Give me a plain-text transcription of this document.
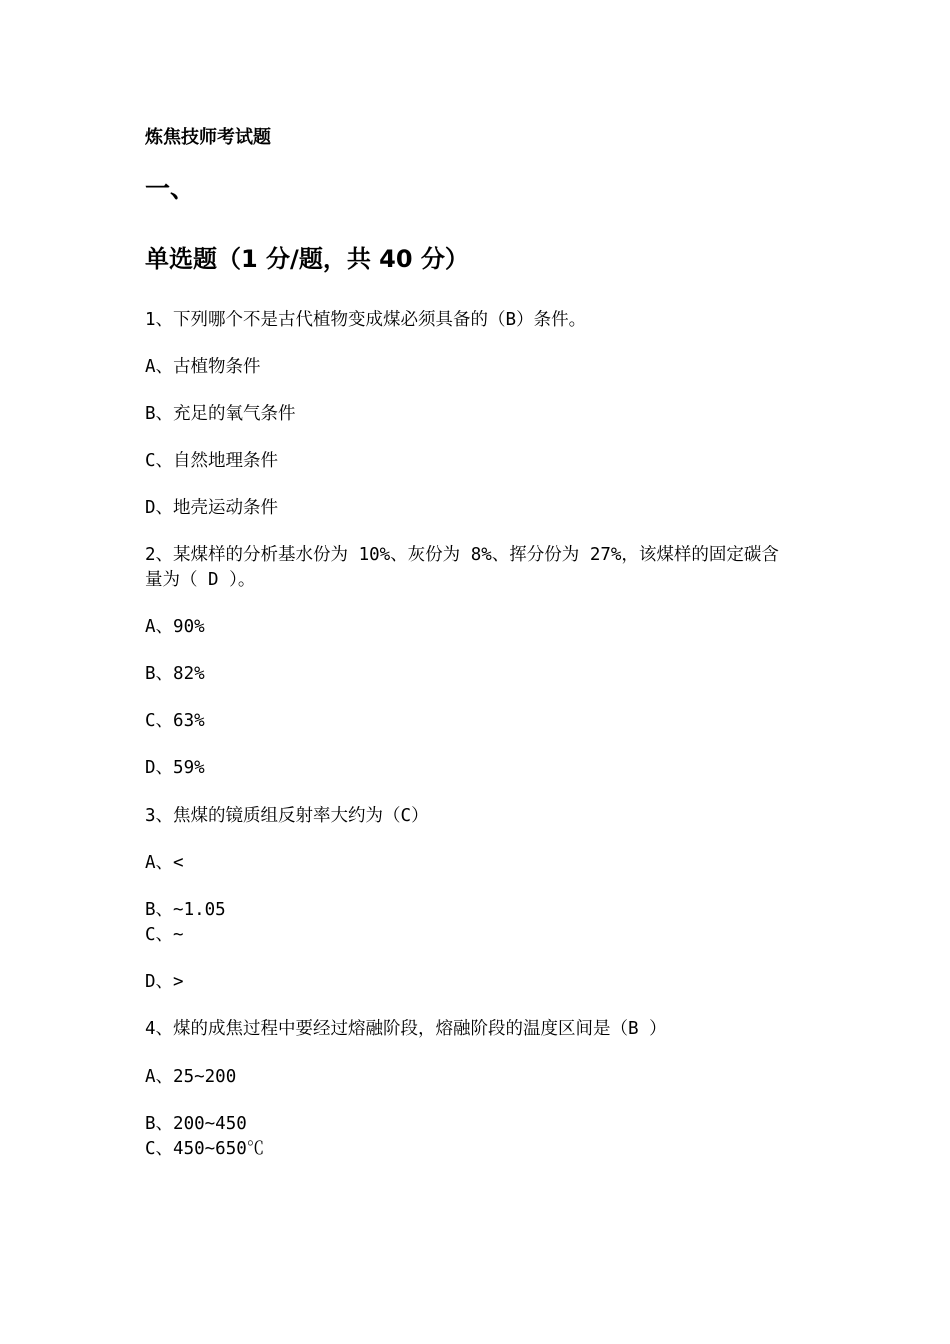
炼焦技师考试题
一、
单选题（1 分/题，共 40 分）
1、下列哪个不是古代植物变成煤必须具备的（B）条件。
A、古植物条件
B、充足的氧气条件
C、自然地理条件
D、地壳运动条件
2、某煤样的分析基水份为 10%、灰份为 8%、挥分份为 27%，该煤样的固定碳含
量为（ D ）。
A、90%
B、82%
C、63%
D、59%
3、焦煤的镜质组反射率大约为（C）
A、<
B、~1.05
C、~
D、>
4、煤的成焦过程中要经过熔融阶段，熔融阶段的温度区间是（B ）
A、25~200
B、200~450
C、450~650℃
